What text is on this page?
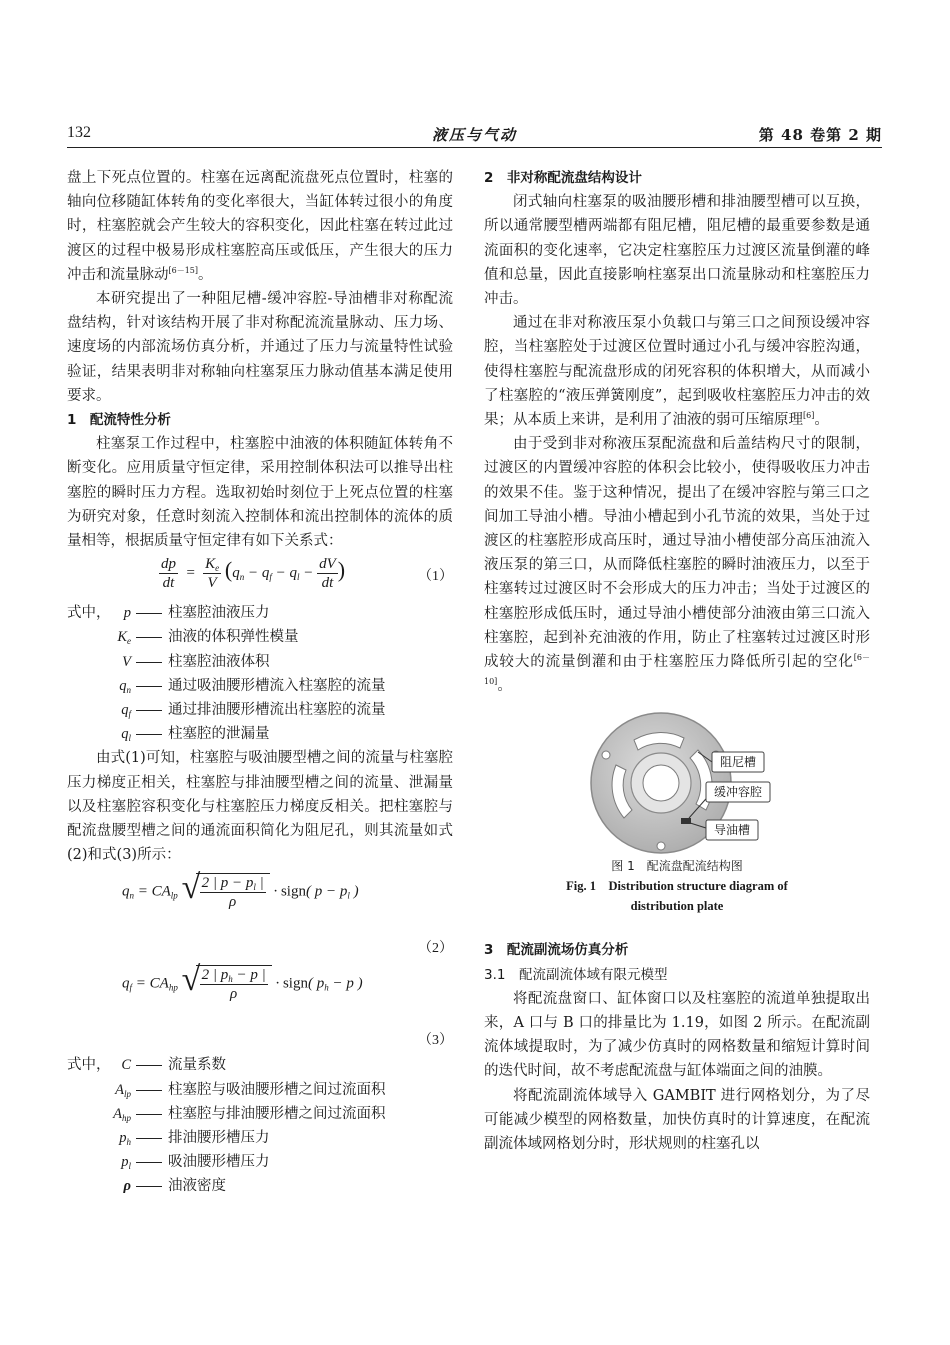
132	液压与气动	第 48 卷第 2 期

盘上下死点位置的。柱塞在远离配流盘死点位置时，柱塞的轴向位移随缸体转角的变化率很大，当缸体转过很小的角度时，柱塞腔就会产生较大的容积变化，因此柱塞在转过此过渡区的过程中极易形成柱塞腔高压或低压，产生很大的压力冲击和流量脉动[6－15]。

本研究提出了一种阻尼槽-缓冲容腔-导油槽非对称配流盘结构，针对该结构开展了非对称配流流量脉动、压力场、速度场的内部流场仿真分析，并通过了压力与流量特性试验验证，结果表明非对称轴向柱塞泵压力脉动值基本满足使用要求。

1　配流特性分析

柱塞泵工作过程中，柱塞腔中油液的体积随缸体转角不断变化。应用质量守恒定律，采用控制体积法可以推导出柱塞腔的瞬时压力方程。选取初始时刻位于上死点位置的柱塞为研究对象，任意时刻流入控制体和流出控制体的流体的质量相等，根据质量守恒定律有如下关系式：

$\frac{dp}{dt} = \frac{K_e}{V} (q_n - q_f - q_l - \frac{dV}{dt}$ )	（1）
式中， p	柱塞腔油液压力
$K_e$	油液的体积弹性模量
V	柱塞腔油液体积
$q_n$	通过吸油腰形槽流入柱塞腔的流量
$q_f$	通过排油腰形槽流出柱塞腔的流量
$q_l$	柱塞腔的泄漏量

由式(1)可知，柱塞腔与吸油腰型槽之间的流量与柱塞腔压力梯度正相关，柱塞腔与排油腰型槽之间的流量、泄漏量以及柱塞腔容积变化与柱塞腔压力梯度反相关。把柱塞腔与配流盘腰型槽之间的通流面积简化为阻尼孔，则其流量如式(2)和式(3)所示：

$q_n = CA_{lp}$ √ $\frac{2 | p - p_l |}{\rho}$ · sign( $p - p_l$ )
（2）
$q_f = CA_{hp}$ √ $\frac{2 | p_h - p |}{\rho}$ · sign( $p_h - p$ )
（3）
式中， C	流量系数
$A_{lp}$	柱塞腔与吸油腰形槽之间过流面积
$A_{hp}$	柱塞腔与排油腰形槽之间过流面积
$p_h$	排油腰形槽压力
$p_l$	吸油腰形槽压力
ρ	油液密度

2　非对称配流盘结构设计

闭式轴向柱塞泵的吸油腰形槽和排油腰型槽可以互换，所以通常腰型槽两端都有阻尼槽，阻尼槽的最重要参数是通流面积的变化速率，它决定柱塞腔压力过渡区流量倒灌的峰值和总量，因此直接影响柱塞泵出口流量脉动和柱塞腔压力冲击。

通过在非对称液压泵小负载口与第三口之间预设缓冲容腔，当柱塞腔处于过渡区位置时通过小孔与缓冲容腔沟通，使得柱塞腔与配流盘形成的闭死容积的体积增大，从而减小了柱塞腔的“液压弹簧刚度”，起到吸收柱塞腔压力冲击的效果；从本质上来讲，是利用了油液的弱可压缩原理[6]。

由于受到非对称液压泵配流盘和后盖结构尺寸的限制，过渡区的内置缓冲容腔的体积会比较小，使得吸收压力冲击的效果不佳。鉴于这种情况，提出了在缓冲容腔与第三口之间加工导油小槽。导油小槽起到小孔节流的效果，当处于过渡区的柱塞腔形成高压时，通过导油小槽使部分高压油流入液压泵的第三口，从而降低柱塞腔的瞬时油液压力，以至于柱塞转过过渡区时不会形成大的压力冲击；当处于过渡区的柱塞腔形成低压时，通过导油小槽使部分油液由第三口流入柱塞腔，起到补充油液的作用，防止了柱塞转过过渡区时形成较大的流量倒灌和由于柱塞腔压力降低所引起的空化[6－10]。

阻尼槽
缓冲容腔
导油槽

图 1　配流盘配流结构图

Fig. 1　Distribution structure diagram of distribution plate

3　配流副流场仿真分析

3.1　配流副流体域有限元模型

将配流盘窗口、缸体窗口以及柱塞腔的流道单独提取出来，A 口与 B 口的排量比为 1.19，如图 2 所示。在配流副流体域提取时，为了减少仿真时的网格数量和缩短计算时间的迭代时间，故不考虑配流盘与缸体端面之间的油膜。

将配流副流体域导入 GAMBIT 进行网格划分，为了尽可能减少模型的网格数量，加快仿真时的计算速度，在配流副流体域网格划分时，形状规则的柱塞孔以
